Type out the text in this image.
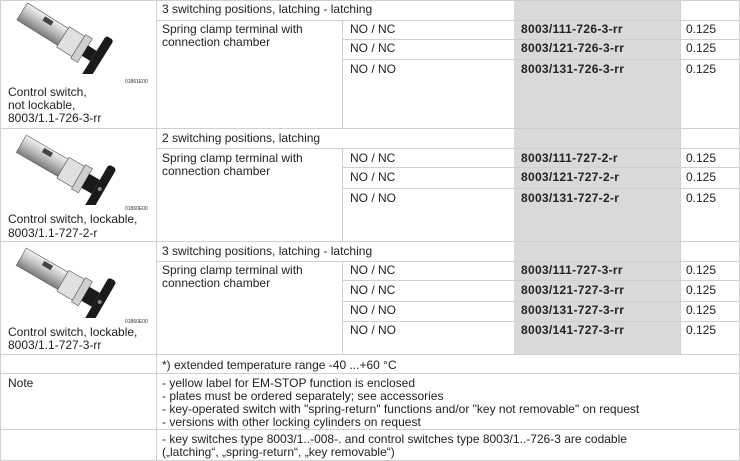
01861E00
Control switch,
not lockable,
8003/1.1-726-3-rr
3 switching positions, latching - latching
Spring clamp terminal with
connection chamber
NO / NC	8003/111-726-3-rr	0.125
NO / NC	8003/121-726-3-rr	0.125
NO / NO	8003/131-726-3-rr	0.125
01860E00
Control switch, lockable,
8003/1.1-727-2-r
2 switching positions, latching
Spring clamp terminal with
connection chamber
NO / NC	8003/111-727-2-r	0.125
NO / NC	8003/121-727-2-r	0.125
NO / NO	8003/131-727-2-r	0.125
01860E00
Control switch, lockable,
8003/1.1-727-3-rr
3 switching positions, latching - latching
Spring clamp terminal with
connection chamber
NO / NC	8003/111-727-3-rr	0.125
NO / NC	8003/121-727-3-rr	0.125
NO / NO	8003/131-727-3-rr	0.125
NO / NO	8003/141-727-3-rr	0.125
*) extended temperature range -40 ...+60 °C
Note	- yellow label for EM-STOP function is enclosed
- plates must be ordered separately; see accessories
- key-operated switch with "spring-return" functions and/or "key not removable" on request
- versions with other locking cylinders on request
- key switches type 8003/1..-008-. and control switches type 8003/1..-726-3 are codable
(„latching“, „spring-return“, „key removable“)
